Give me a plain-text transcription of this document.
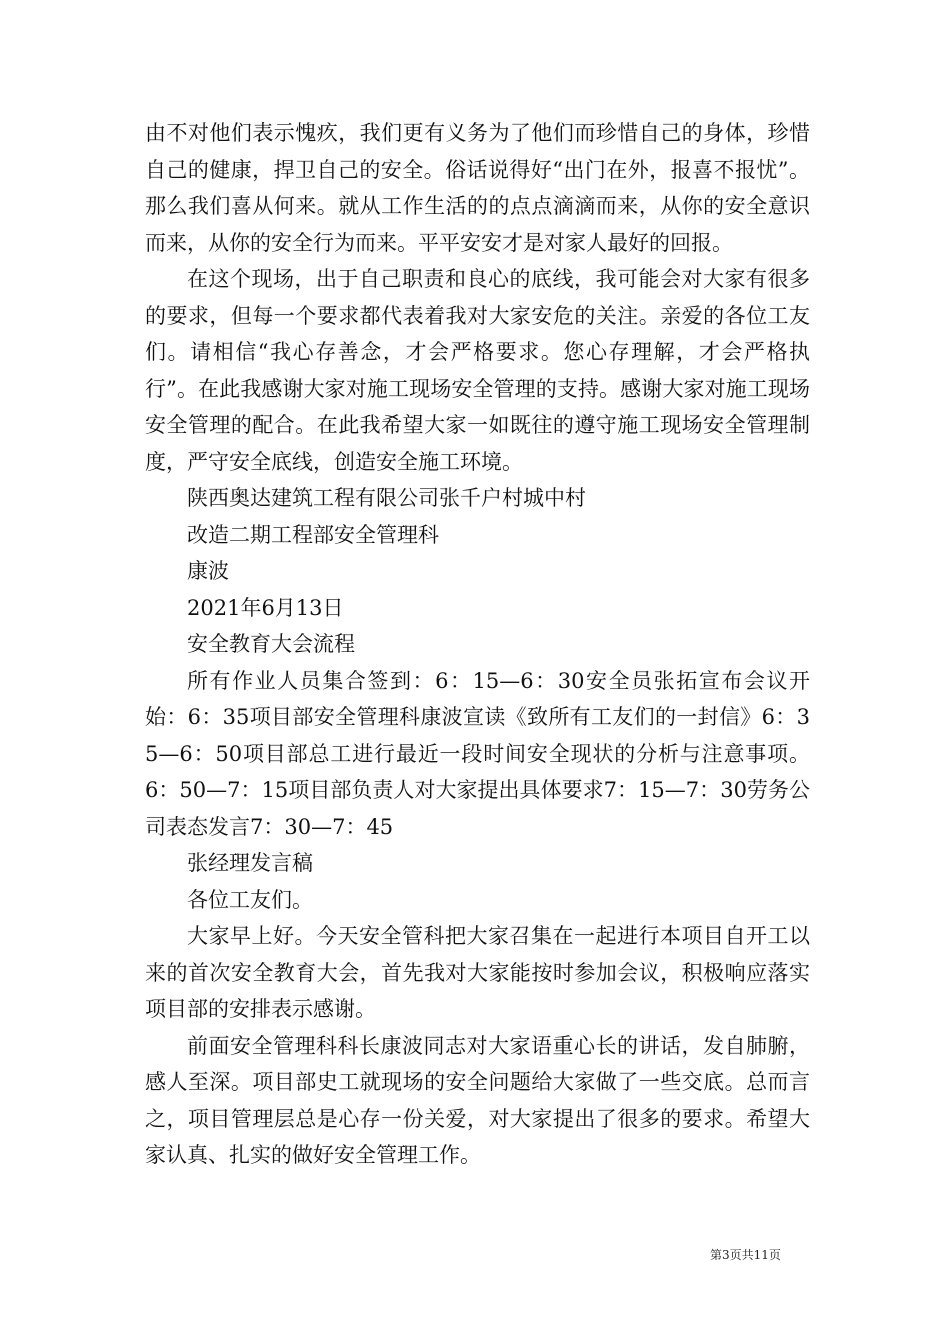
由不对他们表示愧疚，我们更有义务为了他们而珍惜自己的身体，珍惜自己的健康，捍卫自己的安全。俗话说得好“出门在外，报喜不报忧”。那么我们喜从何来。就从工作生活的的点点滴滴而来，从你的安全意识而来，从你的安全行为而来。平平安安才是对家人最好的回报。

在这个现场，出于自己职责和良心的底线，我可能会对大家有很多的要求，但每一个要求都代表着我对大家安危的关注。亲爱的各位工友们。请相信“我心存善念，才会严格要求。您心存理解，才会严格执行”。在此我感谢大家对施工现场安全管理的支持。感谢大家对施工现场安全管理的配合。在此我希望大家一如既往的遵守施工现场安全管理制度，严守安全底线，创造安全施工环境。

陕西奥达建筑工程有限公司张千户村城中村

改造二期工程部安全管理科

康波

2021年6月13日

安全教育大会流程

所有作业人员集合签到：6：15—6：30安全员张拓宣布会议开始：6：35项目部安全管理科康波宣读《致所有工友们的一封信》6：35—6：50项目部总工进行最近一段时间安全现状的分析与注意事项。6：50—7：15项目部负责人对大家提出具体要求7：15—7：30劳务公司表态发言7：30—7：45

张经理发言稿

各位工友们。

大家早上好。今天安全管科把大家召集在一起进行本项目自开工以来的首次安全教育大会，首先我对大家能按时参加会议，积极响应落实项目部的安排表示感谢。

前面安全管理科科长康波同志对大家语重心长的讲话，发自肺腑，感人至深。项目部史工就现场的安全问题给大家做了一些交底。总而言之，项目管理层总是心存一份关爱，对大家提出了很多的要求。希望大家认真、扎实的做好安全管理工作。

第3页共11页
